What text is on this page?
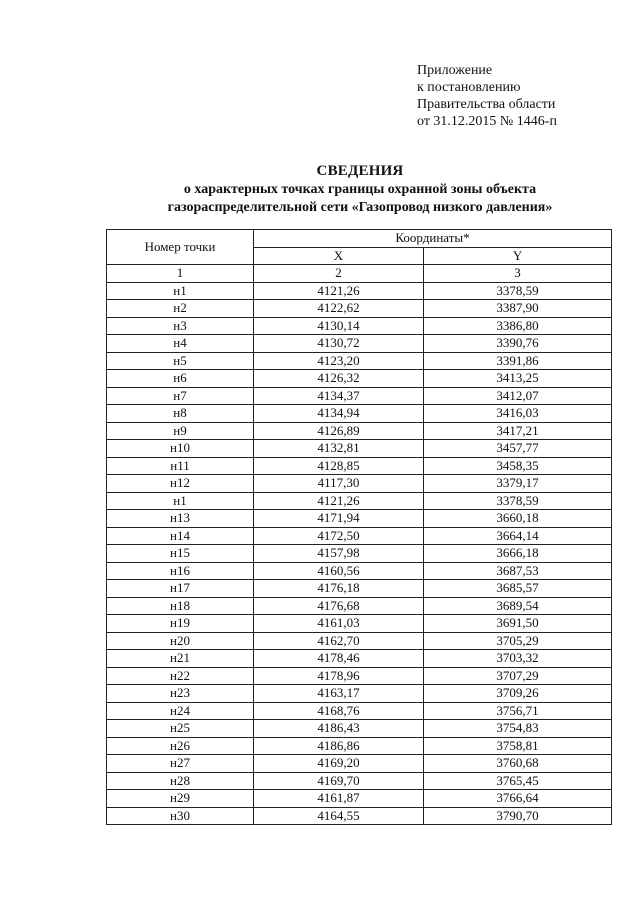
Приложение
к постановлению
Правительства области
от 31.12.2015 № 1446-п
СВЕДЕНИЯ
о характерных точках границы охранной зоны объекта
газораспределительной сети «Газопровод низкого давления»
Номер точки	Координаты*	
	X	Y
1	2	3
н1	4121,26	3378,59
н2	4122,62	3387,90
н3	4130,14	3386,80
н4	4130,72	3390,76
н5	4123,20	3391,86
н6	4126,32	3413,25
н7	4134,37	3412,07
н8	4134,94	3416,03
н9	4126,89	3417,21
н10	4132,81	3457,77
н11	4128,85	3458,35
н12	4117,30	3379,17
н1	4121,26	3378,59
н13	4171,94	3660,18
н14	4172,50	3664,14
н15	4157,98	3666,18
н16	4160,56	3687,53
н17	4176,18	3685,57
н18	4176,68	3689,54
н19	4161,03	3691,50
н20	4162,70	3705,29
н21	4178,46	3703,32
н22	4178,96	3707,29
н23	4163,17	3709,26
н24	4168,76	3756,71
н25	4186,43	3754,83
н26	4186,86	3758,81
н27	4169,20	3760,68
н28	4169,70	3765,45
н29	4161,87	3766,64
н30	4164,55	3790,70
